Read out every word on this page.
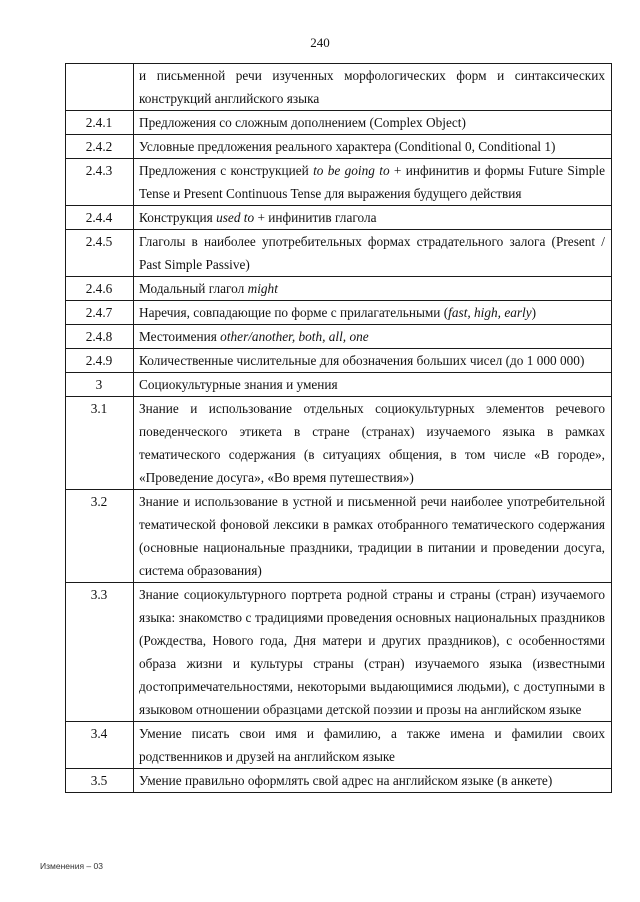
240
	и письменной речи изученных морфологических форм и синтаксических конструкций английского языка
2.4.1	Предложения со сложным дополнением (Complex Object)
2.4.2	Условные предложения реального характера (Conditional 0, Conditional 1)
2.4.3	Предложения с конструкцией to be going to + инфинитив и формы Future Simple Tense и Present Continuous Tense для выражения будущего действия
2.4.4	Конструкция used to + инфинитив глагола
2.4.5	Глаголы в наиболее употребительных формах страдательного залога (Present / Past Simple Passive)
2.4.6	Модальный глагол might
2.4.7	Наречия, совпадающие по форме с прилагательными (fast, high, early)
2.4.8	Местоимения other/another, both, all, one
2.4.9	Количественные числительные для обозначения больших чисел (до 1 000 000)
3	Социокультурные знания и умения
3.1	Знание и использование отдельных социокультурных элементов речевого поведенческого этикета в стране (странах) изучаемого языка в рамках тематического содержания (в ситуациях общения, в том числе «В городе», «Проведение досуга», «Во время путешествия»)
3.2	Знание и использование в устной и письменной речи наиболее употребительной тематической фоновой лексики в рамках отобранного тематического содержания (основные национальные праздники, традиции в питании и проведении досуга, система образования)
3.3	Знание социокультурного портрета родной страны и страны (стран) изучаемого языка: знакомство с традициями проведения основных национальных праздников (Рождества, Нового года, Дня матери и других праздников), с особенностями образа жизни и культуры страны (стран) изучаемого языка (известными достопримечательностями, некоторыми выдающимися людьми), с доступными в языковом отношении образцами детской поэзии и прозы на английском языке
3.4	Умение писать свои имя и фамилию, а также имена и фамилии своих родственников и друзей на английском языке
3.5	Умение правильно оформлять свой адрес на английском языке (в анкете)
Изменения – 03
